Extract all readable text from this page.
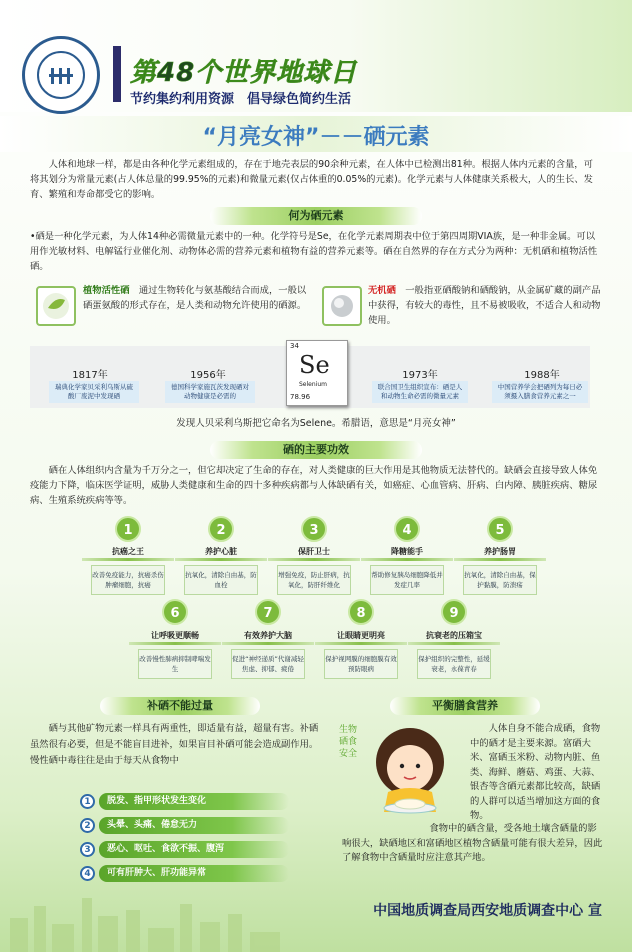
第48个世界地球日
节约集约利用资源　倡导绿色简约生活
“月亮女神”－－硒元素
人体和地球一样，都是由各种化学元素组成的，存在于地壳表层的90余种元素，在人体中已检测出81种。根据人体内元素的含量，可将其划分为常量元素(占人体总量的99.95%的元素)和微量元素(仅占体重的0.05%的元素)。化学元素与人体健康关系极大，人的生长、发育、繁殖和寿命都受它的影响。
何为硒元素
•硒是一种化学元素，为人体14种必需微量元素中的一种。化学符号是Se，在化学元素周期表中位于第四周期VIA族，是一种非金属。可以用作光敏材料、电解锰行业催化剂、动物体必需的营养元素和植物有益的营养元素等。硒在自然界的存在方式分为两种：无机硒和植物活性硒。
植物活性硒　 通过生物转化与氨基酸结合而成，一般以硒蛋氨酸的形式存在，是人类和动物允许使用的硒源。
无机硒　 一般指亚硒酸钠和硒酸钠，从金属矿藏的副产品中获得，有较大的毒性，且不易被吸收，不适合人和动物使用。
1817年
瑞典化学家贝采利乌斯从硫酸厂废泥中发现硒
1956年
德国科学家施瓦茨发现硒对动物健康是必需的
34
Se
Selenium
78.96
1973年
联合国卫生组织宣布：硒是人和动物生命必需的微量元素
1988年
中国营养学会把硒列为每日必须摄入膳食营养元素之一
发现人贝采利乌斯把它命名为Selene。希腊语，意思是“月亮女神”
硒的主要功效
硒在人体组织内含量为千万分之一，但它却决定了生命的存在，对人类健康的巨大作用是其他物质无法替代的。缺硒会直接导致人体免疫能力下降，临床医学证明，威胁人类健康和生命的四十多种疾病都与人体缺硒有关，如癌症、心血管病、肝病、白内障、胰脏疾病、糖尿病、生殖系统疾病等等。
1
抗癌之王
改善免疫能力，抗癌杀伤肿瘤细胞，抗癌
2
养护心脏
抗氧化，清除自由基，防血栓
3
保肝卫士
增强免疫，防止肝病，抗氧化，防肝纤维化
4
降糖能手
帮助修复胰岛细胞降低并发症几率
5
养护肠胃
抗氧化，清除自由基，保护黏膜，防溃疡
6
让呼吸更顺畅
改善慢性肺病抑制哮喘发生
7
有效养护大脑
促进“神经递质”代谢减轻焦虑、抑郁、疲倦
8
让眼睛更明亮
保护视网膜的细胞膜有效预防眼病
9
抗衰老的压箱宝
保护组织的完整性，延缓衰老，永葆青春
补硒不能过量
硒与其他矿物元素一样具有两重性，即适量有益，超量有害。补硒虽然很有必要，但是不能盲目进补，如果盲目补硒可能会造成副作用。慢性硒中毒往往是由于每天从食物中
1	脱发、指甲形状发生变化
2	头晕、头痛、倦怠无力
3	恶心、呕吐、食欲不振、腹泻
4	可有肝肿大、肝功能异常
平衡膳食营养
生物硒食安全
人体自身不能合成硒，食物中的硒才是主要来源。富硒大米、富硒玉米粉、动物内脏、鱼类、海鲜、蘑菇、鸡蛋、大蒜、银杏等含硒元素都比较高，缺硒的人群可以适当增加这方面的食物。
食物中的硒含量，受各地土壤含硒量的影响很大，缺硒地区和富硒地区植物含硒量可能有很大差异，因此了解食物中含硒量时应注意其产地。
中国地质调查局西安地质调查中心 宣
